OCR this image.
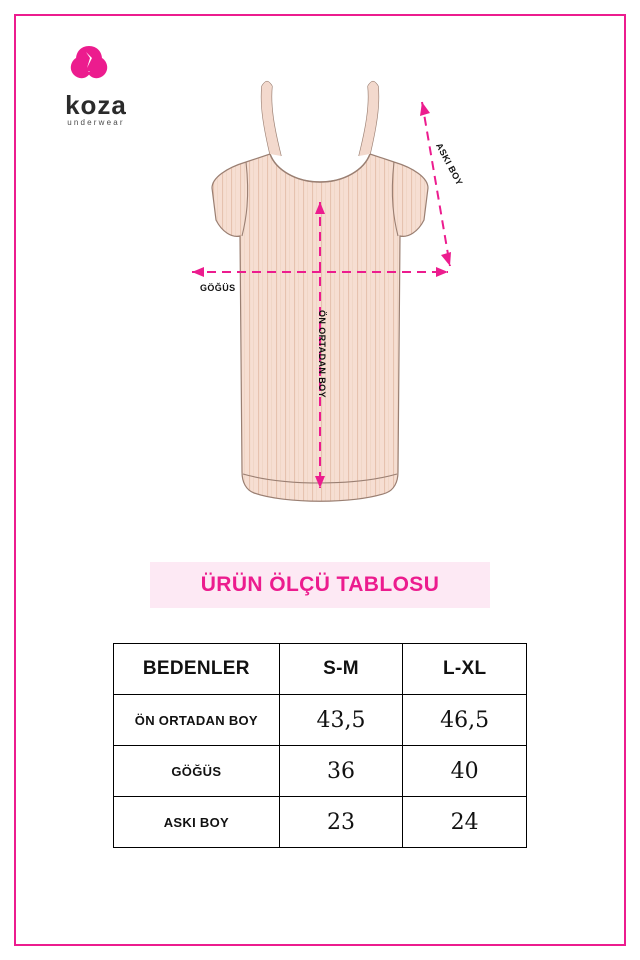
koza
underwear
GÖĞÜS
ÖN ORTADAN BOY
ASKI BOY
ÜRÜN ÖLÇÜ TABLOSU
BEDENLER	S-M	L-XL
ÖN ORTADAN BOY	43,5	46,5
GÖĞÜS	36	40
ASKI BOY	23	24
